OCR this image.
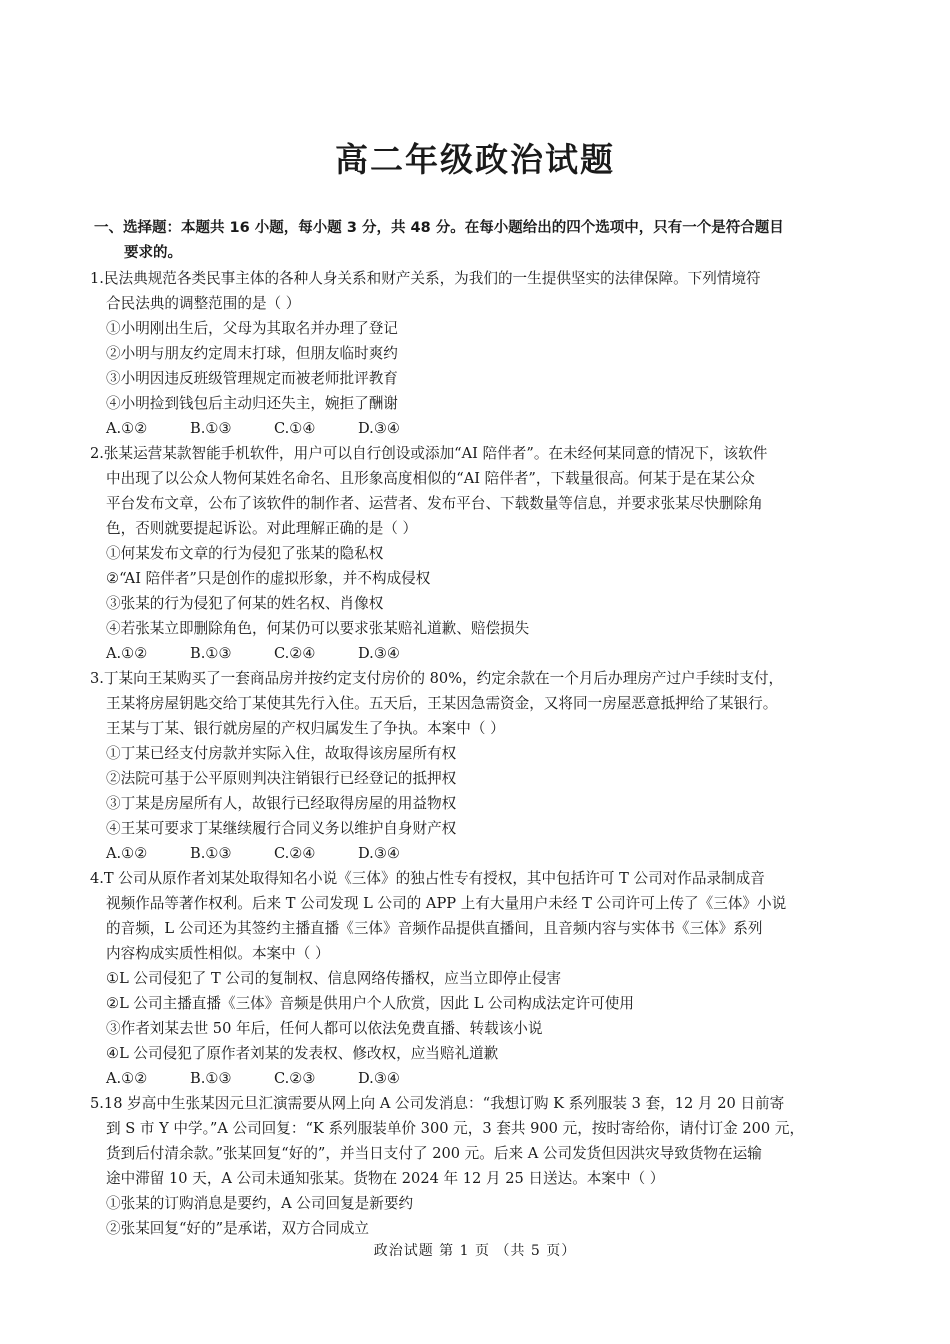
高二年级政治试题
一、选择题：本题共 16 小题，每小题 3 分，共 48 分。在每小题给出的四个选项中，只有一个是符合题目
要求的。
1.民法典规范各类民事主体的各种人身关系和财产关系，为我们的一生提供坚实的法律保障。下列情境符
合民法典的调整范围的是（ ）
①小明刚出生后，父母为其取名并办理了登记
②小明与朋友约定周末打球，但朋友临时爽约
③小明因违反班级管理规定而被老师批评教育
④小明捡到钱包后主动归还失主，婉拒了酬谢
A.①②	B.①③	C.①④	D.③④
2.张某运营某款智能手机软件，用户可以自行创设或添加“AI 陪伴者”。在未经何某同意的情况下，该软件
中出现了以公众人物何某姓名命名、且形象高度相似的“AI 陪伴者”，下载量很高。何某于是在某公众
平台发布文章，公布了该软件的制作者、运营者、发布平台、下载数量等信息，并要求张某尽快删除角
色，否则就要提起诉讼。对此理解正确的是（ ）
①何某发布文章的行为侵犯了张某的隐私权
②“AI 陪伴者”只是创作的虚拟形象，并不构成侵权
③张某的行为侵犯了何某的姓名权、肖像权
④若张某立即删除角色，何某仍可以要求张某赔礼道歉、赔偿损失
A.①②	B.①③	C.②④	D.③④
3.丁某向王某购买了一套商品房并按约定支付房价的 80%，约定余款在一个月后办理房产过户手续时支付，
王某将房屋钥匙交给丁某使其先行入住。五天后，王某因急需资金，又将同一房屋恶意抵押给了某银行。
王某与丁某、银行就房屋的产权归属发生了争执。本案中（ ）
①丁某已经支付房款并实际入住，故取得该房屋所有权
②法院可基于公平原则判决注销银行已经登记的抵押权
③丁某是房屋所有人，故银行已经取得房屋的用益物权
④王某可要求丁某继续履行合同义务以维护自身财产权
A.①②	B.①③	C.②④	D.③④
4.T 公司从原作者刘某处取得知名小说《三体》的独占性专有授权，其中包括许可 T 公司对作品录制成音
视频作品等著作权利。后来 T 公司发现 L 公司的 APP 上有大量用户未经 T 公司许可上传了《三体》小说
的音频，L 公司还为其签约主播直播《三体》音频作品提供直播间，且音频内容与实体书《三体》系列
内容构成实质性相似。本案中（ ）
①L 公司侵犯了 T 公司的复制权、信息网络传播权，应当立即停止侵害
②L 公司主播直播《三体》音频是供用户个人欣赏，因此 L 公司构成法定许可使用
③作者刘某去世 50 年后，任何人都可以依法免费直播、转载该小说
④L 公司侵犯了原作者刘某的发表权、修改权，应当赔礼道歉
A.①②	B.①③	C.②③	D.③④
5.18 岁高中生张某因元旦汇演需要从网上向 A 公司发消息：“我想订购 K 系列服装 3 套，12 月 20 日前寄
到 S 市 Y 中学。”A 公司回复：“K 系列服装单价 300 元，3 套共 900 元，按时寄给你，请付订金 200 元，
货到后付清余款。”张某回复“好的”，并当日支付了 200 元。后来 A 公司发货但因洪灾导致货物在运输
途中滞留 10 天，A 公司未通知张某。货物在 2024 年 12 月 25 日送达。本案中（ ）
①张某的订购消息是要约，A 公司回复是新要约
②张某回复“好的”是承诺，双方合同成立
政治试题 第 1 页 （共 5 页）
